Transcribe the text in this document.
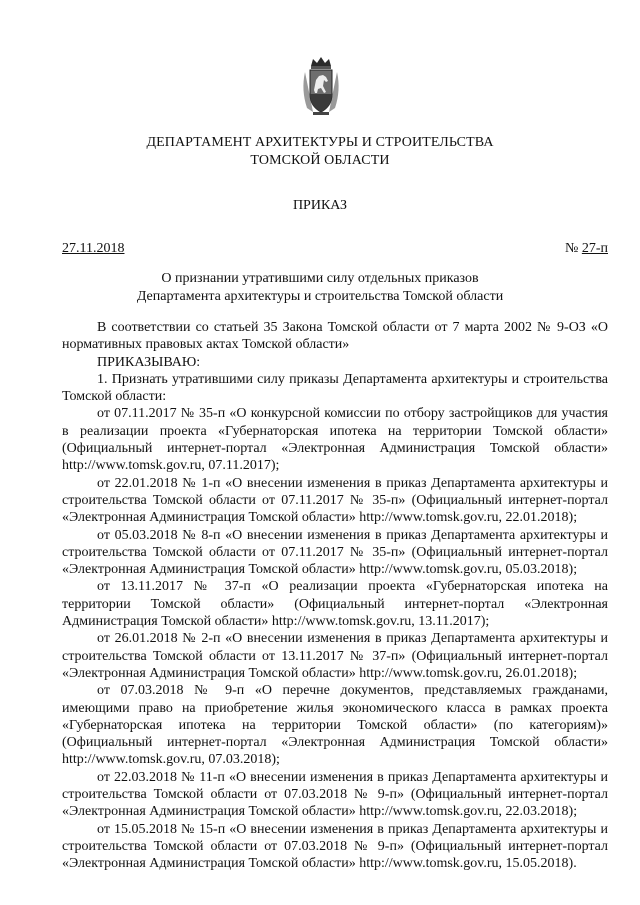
ДЕПАРТАМЕНТ АРХИТЕКТУРЫ И СТРОИТЕЛЬСТВА
ТОМСКОЙ ОБЛАСТИ
ПРИКАЗ
27.11.2018	№ 27-п
О признании утратившими силу отдельных приказов
Департамента архитектуры и строительства Томской области

В соответствии со статьей 35 Закона Томской области от 7 марта 2002 № 9-ОЗ «О нормативных правовых актах Томской области»

ПРИКАЗЫВАЮ:

1. Признать утратившими силу приказы Департамента архитектуры и строительства Томской области:

от 07.11.2017 № 35-п «О конкурсной комиссии по отбору застройщиков для участия в реализации проекта «Губернаторская ипотека на территории Томской области» (Официальный интернет-портал «Электронная Администрация Томской области» http://www.tomsk.gov.ru, 07.11.2017);

от 22.01.2018 № 1-п «О внесении изменения в приказ Департамента архитектуры и строительства Томской области от 07.11.2017 № 35-п» (Официальный интернет-портал «Электронная Администрация Томской области» http://www.tomsk.gov.ru, 22.01.2018);

от 05.03.2018 № 8-п «О внесении изменения в приказ Департамента архитектуры и строительства Томской области от 07.11.2017 № 35-п» (Официальный интернет-портал «Электронная Администрация Томской области» http://www.tomsk.gov.ru, 05.03.2018);

от 13.11.2017 № 37-п «О реализации проекта «Губернаторская ипотека на территории Томской области» (Официальный интернет-портал «Электронная Администрация Томской области» http://www.tomsk.gov.ru, 13.11.2017);

от 26.01.2018 № 2-п «О внесении изменения в приказ Департамента архитектуры и строительства Томской области от 13.11.2017 № 37-п» (Официальный интернет-портал «Электронная Администрация Томской области» http://www.tomsk.gov.ru, 26.01.2018);

от 07.03.2018 № 9-п «О перечне документов, представляемых гражданами, имеющими право на приобретение жилья экономического класса в рамках проекта «Губернаторская ипотека на территории Томской области» (по категориям)» (Официальный интернет-портал «Электронная Администрация Томской области» http://www.tomsk.gov.ru, 07.03.2018);

от 22.03.2018 № 11-п «О внесении изменения в приказ Департамента архитектуры и строительства Томской области от 07.03.2018 № 9-п» (Официальный интернет-портал «Электронная Администрация Томской области» http://www.tomsk.gov.ru, 22.03.2018);

от 15.05.2018 № 15-п «О внесении изменения в приказ Департамента архитектуры и строительства Томской области от 07.03.2018 № 9-п» (Официальный интернет-портал «Электронная Администрация Томской области» http://www.tomsk.gov.ru, 15.05.2018).
